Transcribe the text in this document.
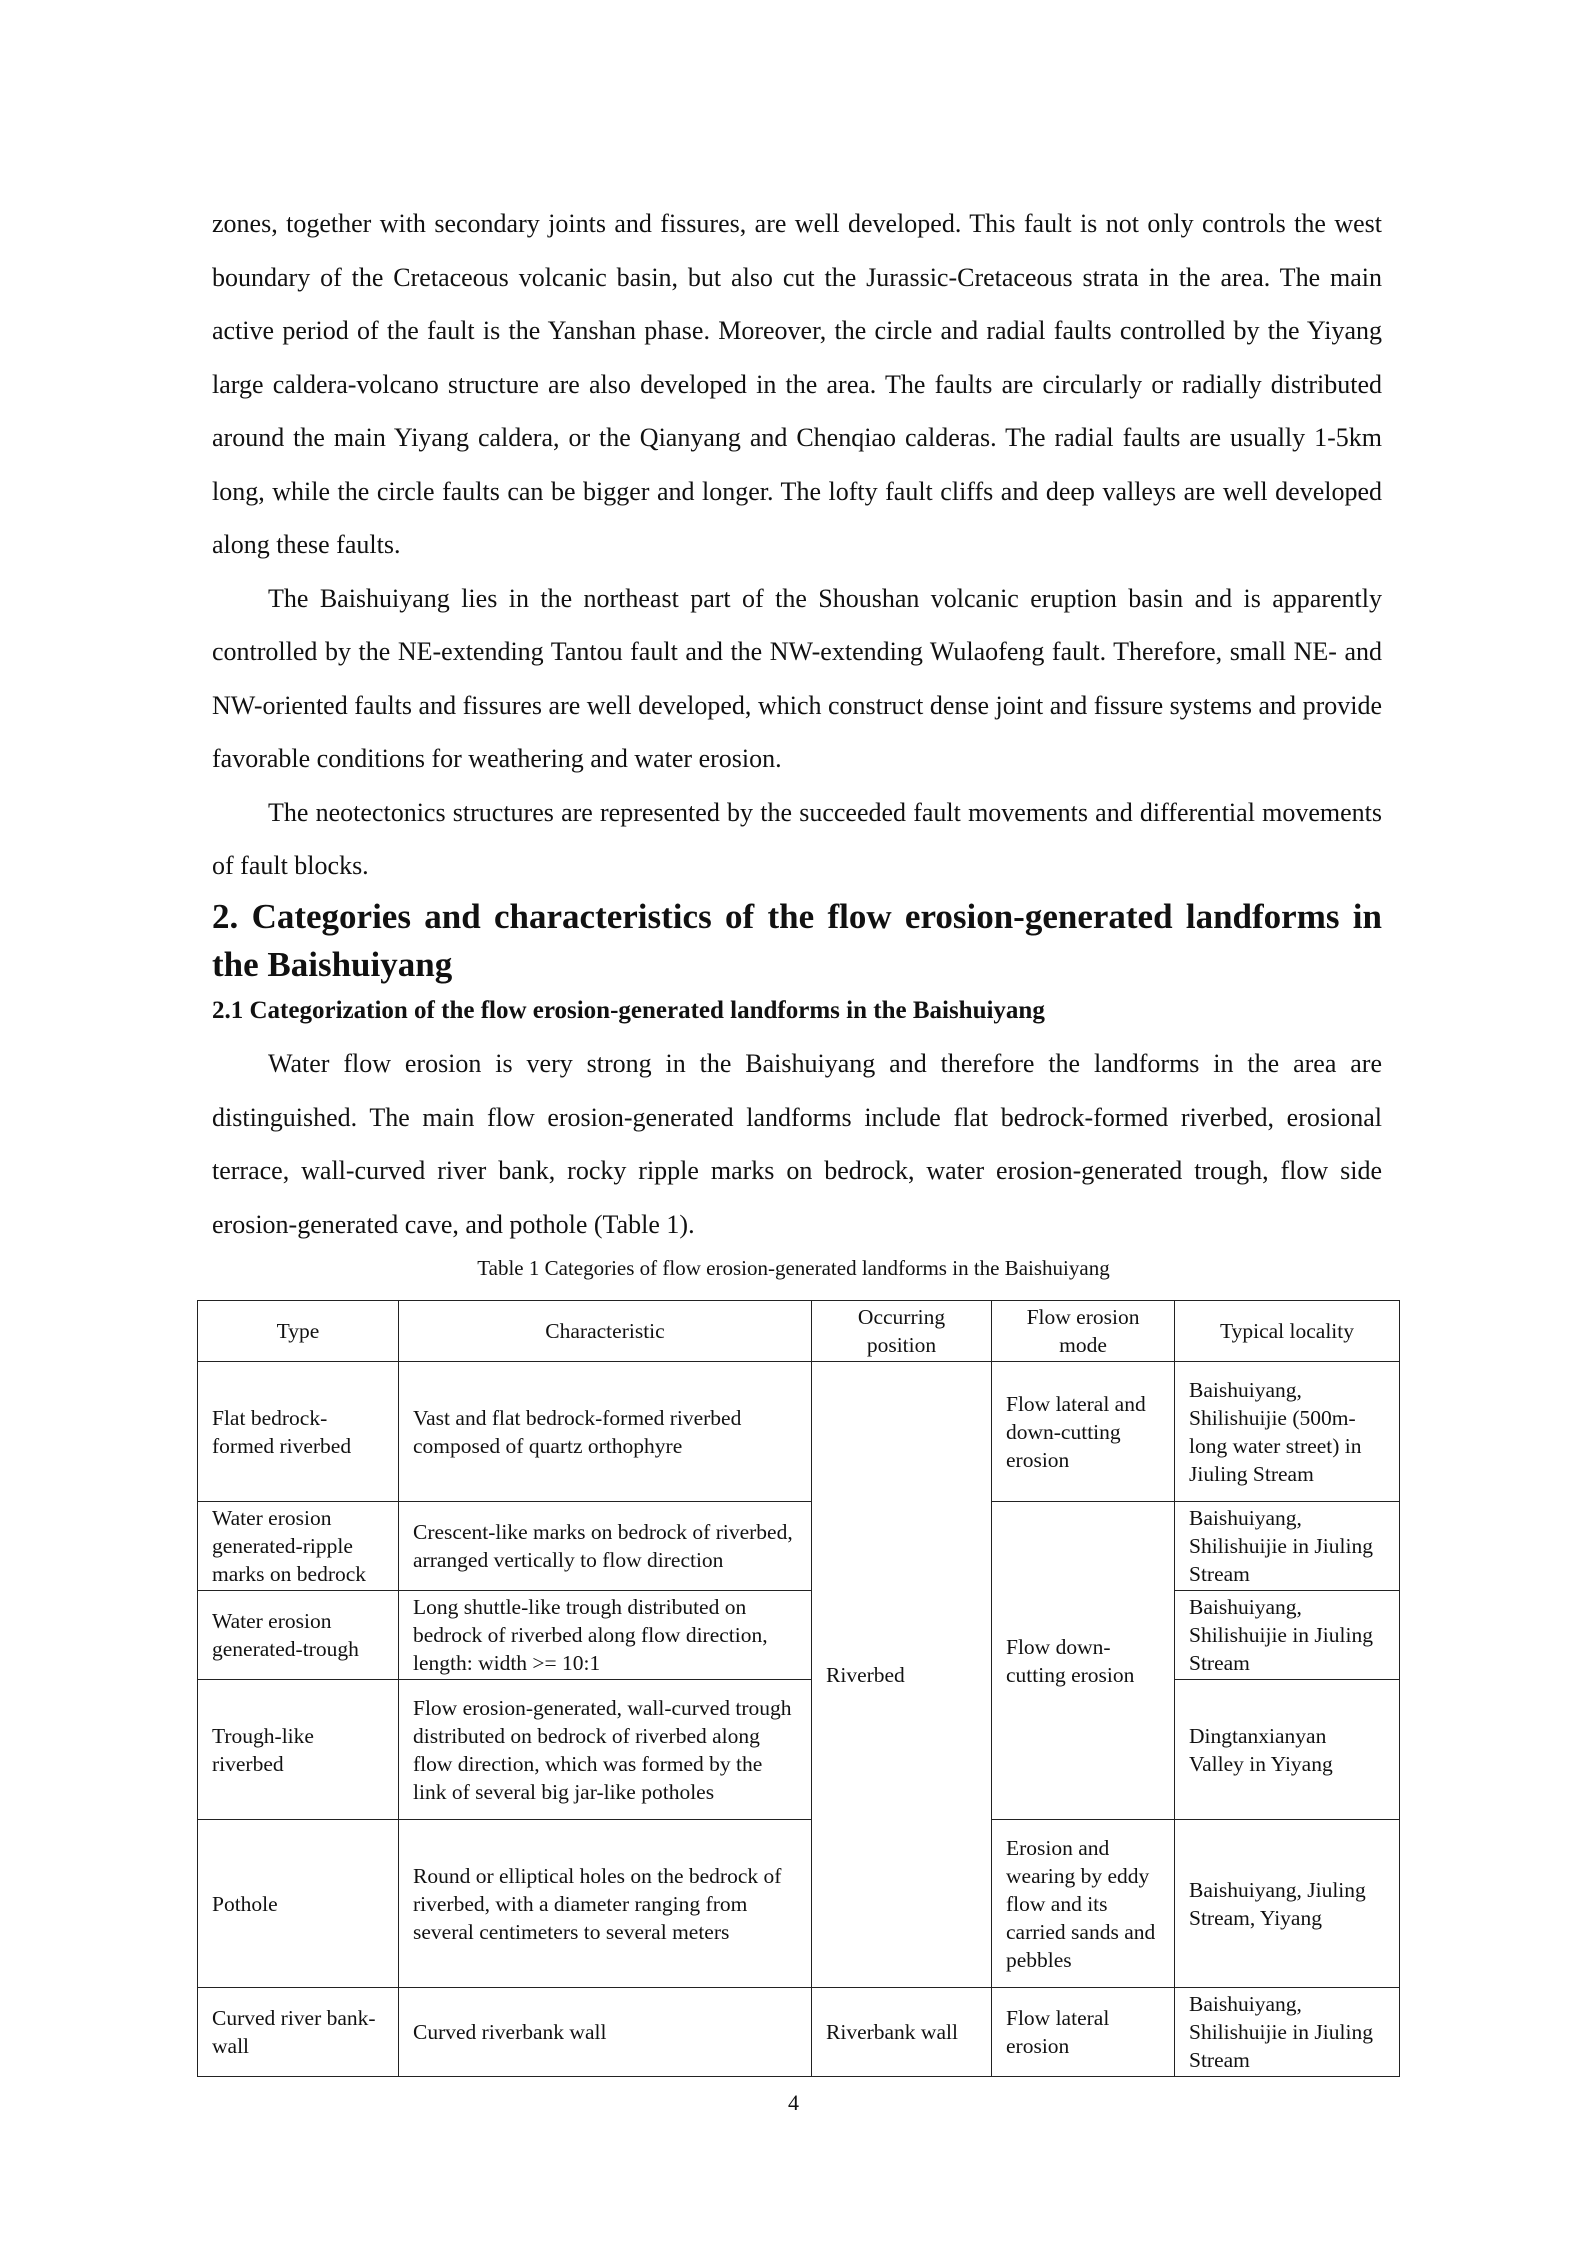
zones, together with secondary joints and fissures, are well developed. This fault is not only controls the west boundary of the Cretaceous volcanic basin, but also cut the Jurassic-Cretaceous strata in the area. The main active period of the fault is the Yanshan phase. Moreover, the circle and radial faults controlled by the Yiyang large caldera-volcano structure are also developed in the area. The faults are circularly or radially distributed around the main Yiyang caldera, or the Qianyang and Chenqiao calderas. The radial faults are usually 1-5km long, while the circle faults can be bigger and longer. The lofty fault cliffs and deep valleys are well developed along these faults.

The Baishuiyang lies in the northeast part of the Shoushan volcanic eruption basin and is apparently controlled by the NE-extending Tantou fault and the NW-extending Wulaofeng fault. Therefore, small NE- and NW-oriented faults and fissures are well developed, which construct dense joint and fissure systems and provide favorable conditions for weathering and water erosion.

The neotectonics structures are represented by the succeeded fault movements and differential movements of fault blocks.

2. Categories and characteristics of the flow erosion-generated landforms in the Baishuiyang
2.1 Categorization of the flow erosion-generated landforms in the Baishuiyang

Water flow erosion is very strong in the Baishuiyang and therefore the landforms in the area are distinguished. The main flow erosion-generated landforms include flat bedrock-formed riverbed, erosional terrace, wall-curved river bank, rocky ripple marks on bedrock, water erosion-generated trough, flow side erosion-generated cave, and pothole (Table 1).

Table 1 Categories of flow erosion-generated landforms in the Baishuiyang
Type	Characteristic	Occurring position	Flow erosion mode	Typical locality
Flat bedrock-formed riverbed	Vast and flat bedrock-formed riverbed composed of quartz orthophyre	Riverbed	Flow lateral and down-cutting erosion	Baishuiyang, Shilishuijie (500m-long water street) in Jiuling Stream
Water erosion generated-ripple marks on bedrock	Crescent-like marks on bedrock of riverbed, arranged vertically to flow direction		Flow down-cutting erosion	Baishuiyang, Shilishuijie in Jiuling Stream
Water erosion generated-trough	Long shuttle-like trough distributed on bedrock of riverbed along flow direction, length: width >= 10:1			Baishuiyang, Shilishuijie in Jiuling Stream
Trough-like riverbed	Flow erosion-generated, wall-curved trough distributed on bedrock of riverbed along flow direction, which was formed by the link of several big jar-like potholes			Dingtanxianyan Valley in Yiyang
Pothole	Round or elliptical holes on the bedrock of riverbed, with a diameter ranging from several centimeters to several meters		Erosion and wearing by eddy flow and its carried sands and pebbles	Baishuiyang, Jiuling Stream, Yiyang
Curved river bank-wall	Curved riverbank wall	Riverbank wall	Flow lateral erosion	Baishuiyang, Shilishuijie in Jiuling Stream
4
